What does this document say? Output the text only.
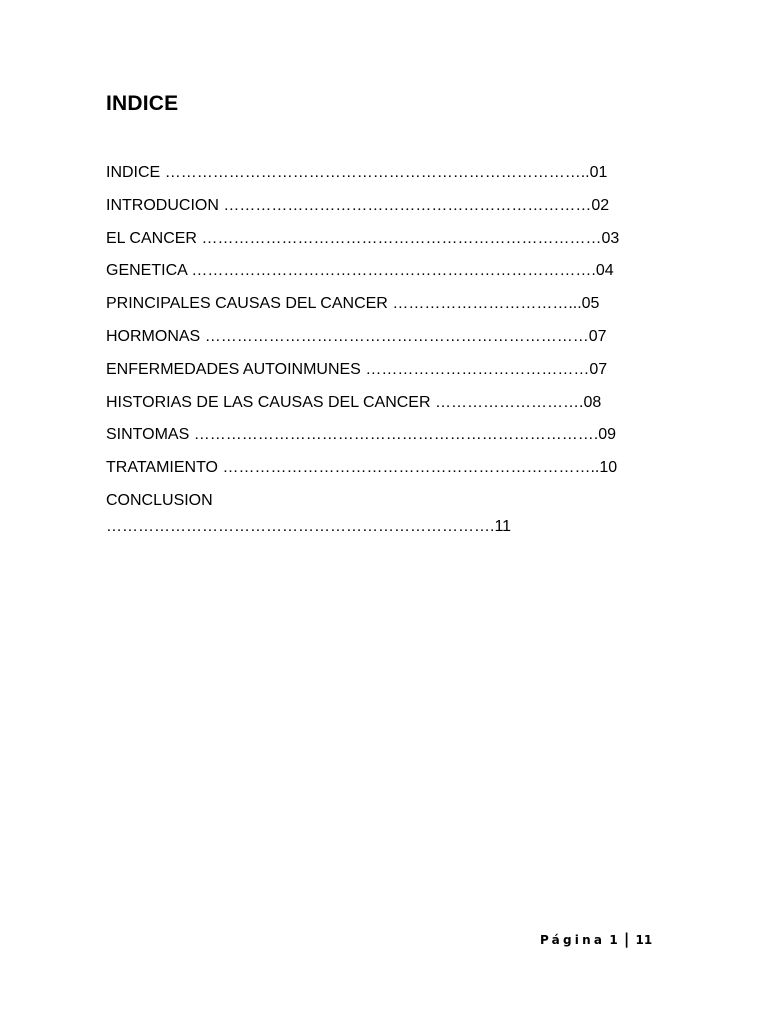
INDICE
INDICE ……………………………………………………………………..01
INTRODUCION ……………………………………………………………02
EL CANCER …………………………………………………………………03
GENETICA ………………………………………………………………….04
PRINCIPALES CAUSAS DEL CANCER ……………………………...05
HORMONAS ………………………………………………………………07
ENFERMEDADES AUTOINMUNES ……………………………………07
HISTORIAS DE LAS CAUSAS DEL CANCER ……………………….08
SINTOMAS ………………………………………………………………….09
TRATAMIENTO ……………………………………………………………..10
CONCLUSION
……………………………………………………………….11
Página 1 | 11
